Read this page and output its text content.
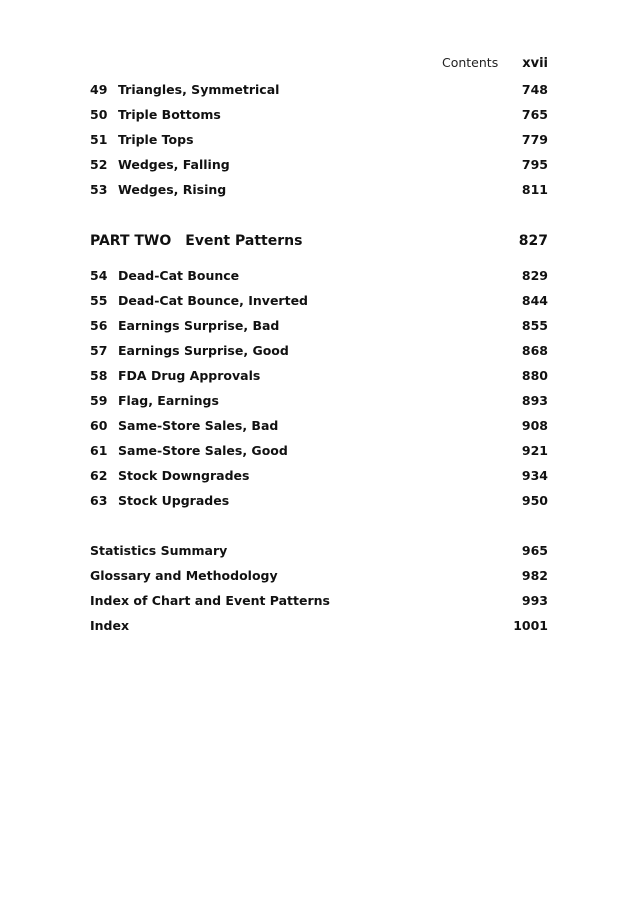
Contents xvii
49 Triangles, Symmetrical	748
50 Triple Bottoms	765
51 Triple Tops	779
52 Wedges, Falling	795
53 Wedges, Rising	811
PART TWO Event Patterns	827
54 Dead-Cat Bounce	829
55 Dead-Cat Bounce, Inverted	844
56 Earnings Surprise, Bad	855
57 Earnings Surprise, Good	868
58 FDA Drug Approvals	880
59 Flag, Earnings	893
60 Same-Store Sales, Bad	908
61 Same-Store Sales, Good	921
62 Stock Downgrades	934
63 Stock Upgrades	950
Statistics Summary	965
Glossary and Methodology	982
Index of Chart and Event Patterns	993
Index	1001
